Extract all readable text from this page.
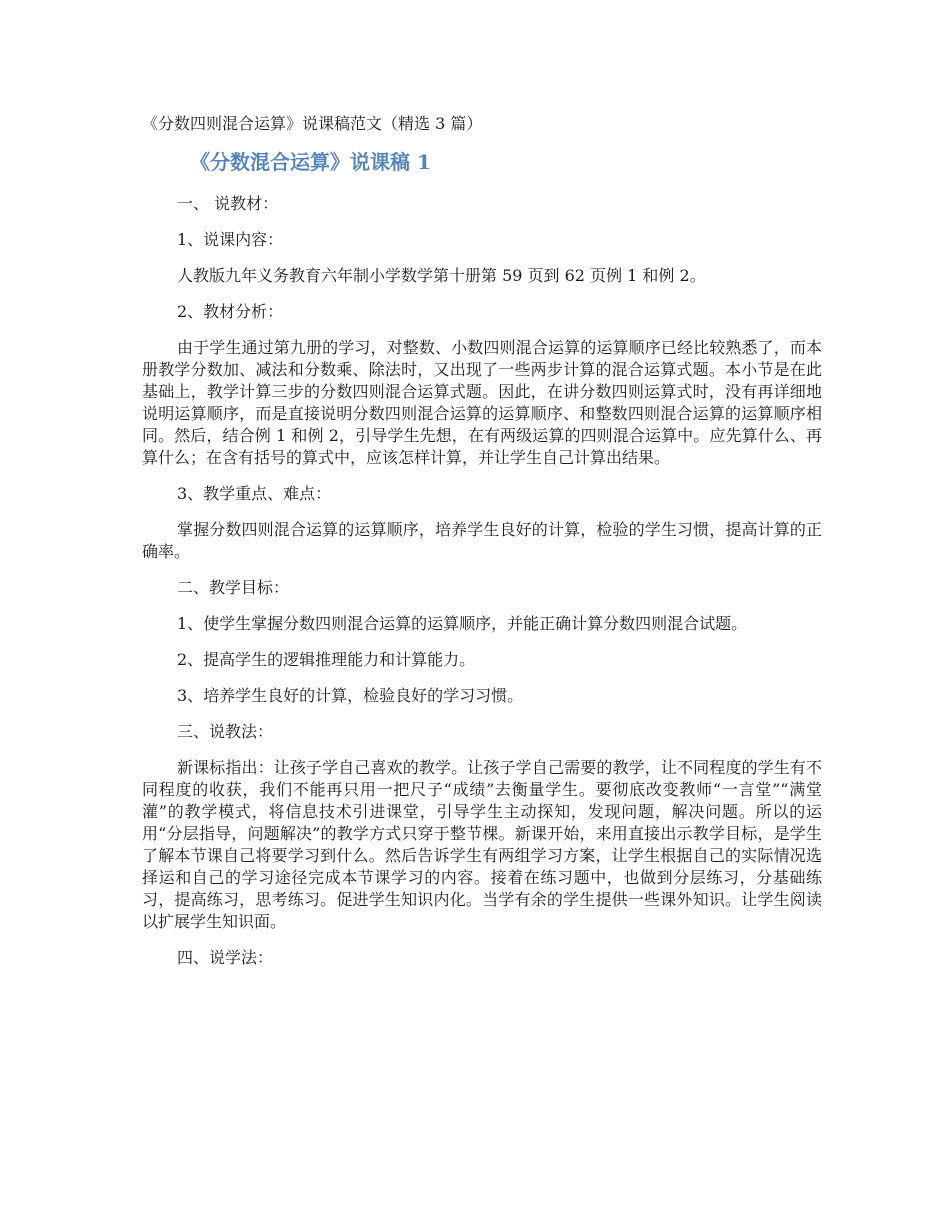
《分数四则混合运算》说课稿范文（精选 3 篇）
《分数混合运算》说课稿 1

一、 说教材：

1、说课内容：

人教版九年义务教育六年制小学数学第十册第 59 页到 62 页例 1 和例 2。

2、教材分析：

由于学生通过第九册的学习，对整数、小数四则混合运算的运算顺序已经比较熟悉了，而本册教学分数加、减法和分数乘、除法时，又出现了一些两步计算的混合运算式题。本小节是在此基础上，教学计算三步的分数四则混合运算式题。因此，在讲分数四则运算式时，没有再详细地说明运算顺序，而是直接说明分数四则混合运算的运算顺序、和整数四则混合运算的运算顺序相同。然后，结合例 1 和例 2，引导学生先想，在有两级运算的四则混合运算中。应先算什么、再算什么；在含有括号的算式中，应该怎样计算，并让学生自己计算出结果。

3、教学重点、难点：

掌握分数四则混合运算的运算顺序，培养学生良好的计算，检验的学生习惯，提高计算的正确率。

二、教学目标：

1、使学生掌握分数四则混合运算的运算顺序，并能正确计算分数四则混合试题。

2、提高学生的逻辑推理能力和计算能力。

3、培养学生良好的计算，检验良好的学习习惯。

三、说教法：

新课标指出：让孩子学自己喜欢的教学。让孩子学自己需要的教学，让不同程度的学生有不同程度的收获，我们不能再只用一把尺子“成绩”去衡量学生。要彻底改变教师“一言堂”“满堂灌”的教学模式，将信息技术引进课堂，引导学生主动探知，发现问题，解决问题。所以的运用“分层指导，问题解决”的教学方式只穿于整节棵。新课开始，来用直接出示教学目标，是学生了解本节课自己将要学习到什么。然后告诉学生有两组学习方案，让学生根据自己的实际情况选择运和自己的学习途径完成本节课学习的内容。接着在练习题中，也做到分层练习，分基础练习，提高练习，思考练习。促进学生知识内化。当学有余的学生提供一些课外知识。让学生阅读以扩展学生知识面。

四、说学法：
